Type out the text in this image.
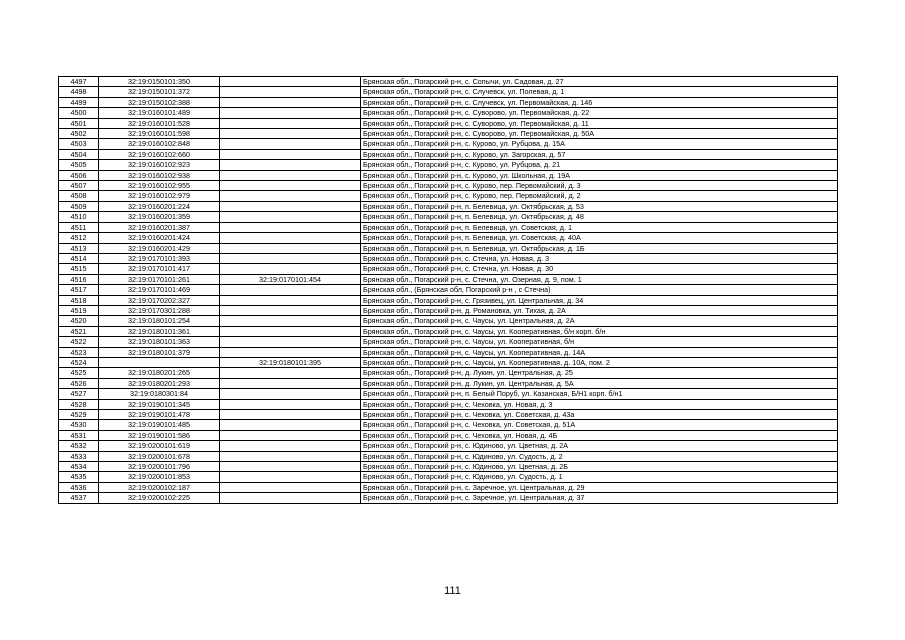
4497	32:19:0150101:350		Брянская обл., Погарский р-н, с. Сопычи, ул. Садовая, д. 27
4498	32:19:0150101:372		Брянская обл., Погарский р-н, с. Случевск, ул. Полевая, д. 1
4499	32:19:0150102:388		Брянская обл., Погарский р-н, с. Случевск, ул. Первомайская, д. 146
4500	32:19:0160101:489		Брянская обл., Погарский р-н, с. Суворово, ул. Первомайская, д. 22
4501	32:19:0160101:528		Брянская обл., Погарский р-н, с. Суворово, ул. Первомайская, д. 11
4502	32:19:0160101:598		Брянская обл., Погарский р-н, с. Суворово, ул. Первомайская, д. 50А
4503	32:19:0160102:848		Брянская обл., Погарский р-н, с. Курово, ул. Рубцова, д. 15А
4504	32:19:0160102:660		Брянская обл., Погарский р-н, с. Курово, ул. Загорская, д. 57
4505	32:19:0160102:923		Брянская обл., Погарский р-н, с. Курово, ул. Рубцова, д. 21
4506	32:19:0160102:938		Брянская обл., Погарский р-н, с. Курово, ул. Школьная, д. 19А
4507	32:19:0160102:955		Брянская обл., Погарский р-н, с. Курово, пер. Первомайский, д. 3
4508	32:19:0160102:979		Брянская обл., Погарский р-н, с. Курово, пер. Первомайский, д. 2
4509	32:19:0160201:224		Брянская обл., Погарский р-н, п. Белевица, ул. Октябрьская, д. 53
4510	32:19:0160201:359		Брянская обл., Погарский р-н, п. Белевица, ул. Октябрьская, д. 48
4511	32:19:0160201:387		Брянская обл., Погарский р-н, п. Белевица, ул. Советская, д. 1
4512	32:19:0160201:424		Брянская обл., Погарский р-н, п. Белевица, ул. Советская, д. 40А
4513	32:19:0160201:429		Брянская обл., Погарский р-н, п. Белевица, ул. Октябрьская, д. 1Б
4514	32:19:0170101:393		Брянская обл., Погарский р-н, с. Стечна, ул. Новая, д. 3
4515	32:19:0170101:417		Брянская обл., Погарский р-н, с. Стечна, ул. Новая, д. 30
4516	32:19:0170101:261	32:19:0170101:454	Брянская обл., Погарский р-н, с. Стечна, ул. Озерная, д. 9, пом. 1
4517	32:19:0170101:469		Брянская обл., (Брянская обл, Погарский р-н , с Стечна)
4518	32:19:0170202:327		Брянская обл., Погарский р-н, с. Грязивец, ул. Центральная, д. 34
4519	32:19:0170301:288		Брянская обл., Погарский р-н, д. Романовка, ул. Тихая, д. 2А
4520	32:19:0180101:254		Брянская обл., Погарский р-н, с. Чаусы, ул. Центральная, д. 2А
4521	32:19:0180101:361		Брянская обл., Погарский р-н, с. Чаусы, ул. Кооперативная, б/н корп. б/н
4522	32:19:0180101:363		Брянская обл., Погарский р-н, с. Чаусы, ул. Кооперативная, б/н
4523	32:19:0180101:379		Брянская обл., Погарский р-н, с. Чаусы, ул. Кооперативная, д. 14А
4524		32:19:0180101:395	Брянская обл., Погарский р-н, с. Чаусы, ул. Кооперативная, д. 10А, пом. 2
4525	32:19:0180201:265		Брянская обл., Погарский р-н, д. Лукин, ул. Центральная, д. 25
4526	32:19:0180201:293		Брянская обл., Погарский р-н, д. Лукин, ул. Центральная, д. 5А
4527	32:19:0180301:84		Брянская обл., Погарский р-н, п. Белый Поруб, ул. Казанская, Б/Н1 корп. б/н1
4528	32:19:0190101:345		Брянская обл., Погарский р-н, с. Чеховка, ул. Новая, д. 3
4529	32:19:0190101:478		Брянская обл., Погарский р-н, с. Чеховка, ул. Советская, д. 43а
4530	32:19:0190101:485		Брянская обл., Погарский р-н, с. Чеховка, ул. Советская, д. 51А
4531	32:19:0190101:586		Брянская обл., Погарский р-н, с. Чеховка, ул. Новая, д. 4Б
4532	32:19:0200101:619		Брянская обл., Погарский р-н, с. Юдиново, ул. Цветная, д. 2А
4533	32:19:0200101:678		Брянская обл., Погарский р-н, с. Юдиново, ул. Судость, д. 2
4534	32:19:0200101:796		Брянская обл., Погарский р-н, с. Юдиново, ул. Цветная, д. 2Б
4535	32:19:0200101:853		Брянская обл., Погарский р-н, с. Юдиново, ул. Судость, д. 1
4536	32:19:0200102:187		Брянская обл., Погарский р-н, с. Заречное, ул. Центральная, д. 29
4537	32:19:0200102:225		Брянская обл., Погарский р-н, с. Заречное, ул. Центральная, д. 37
111
